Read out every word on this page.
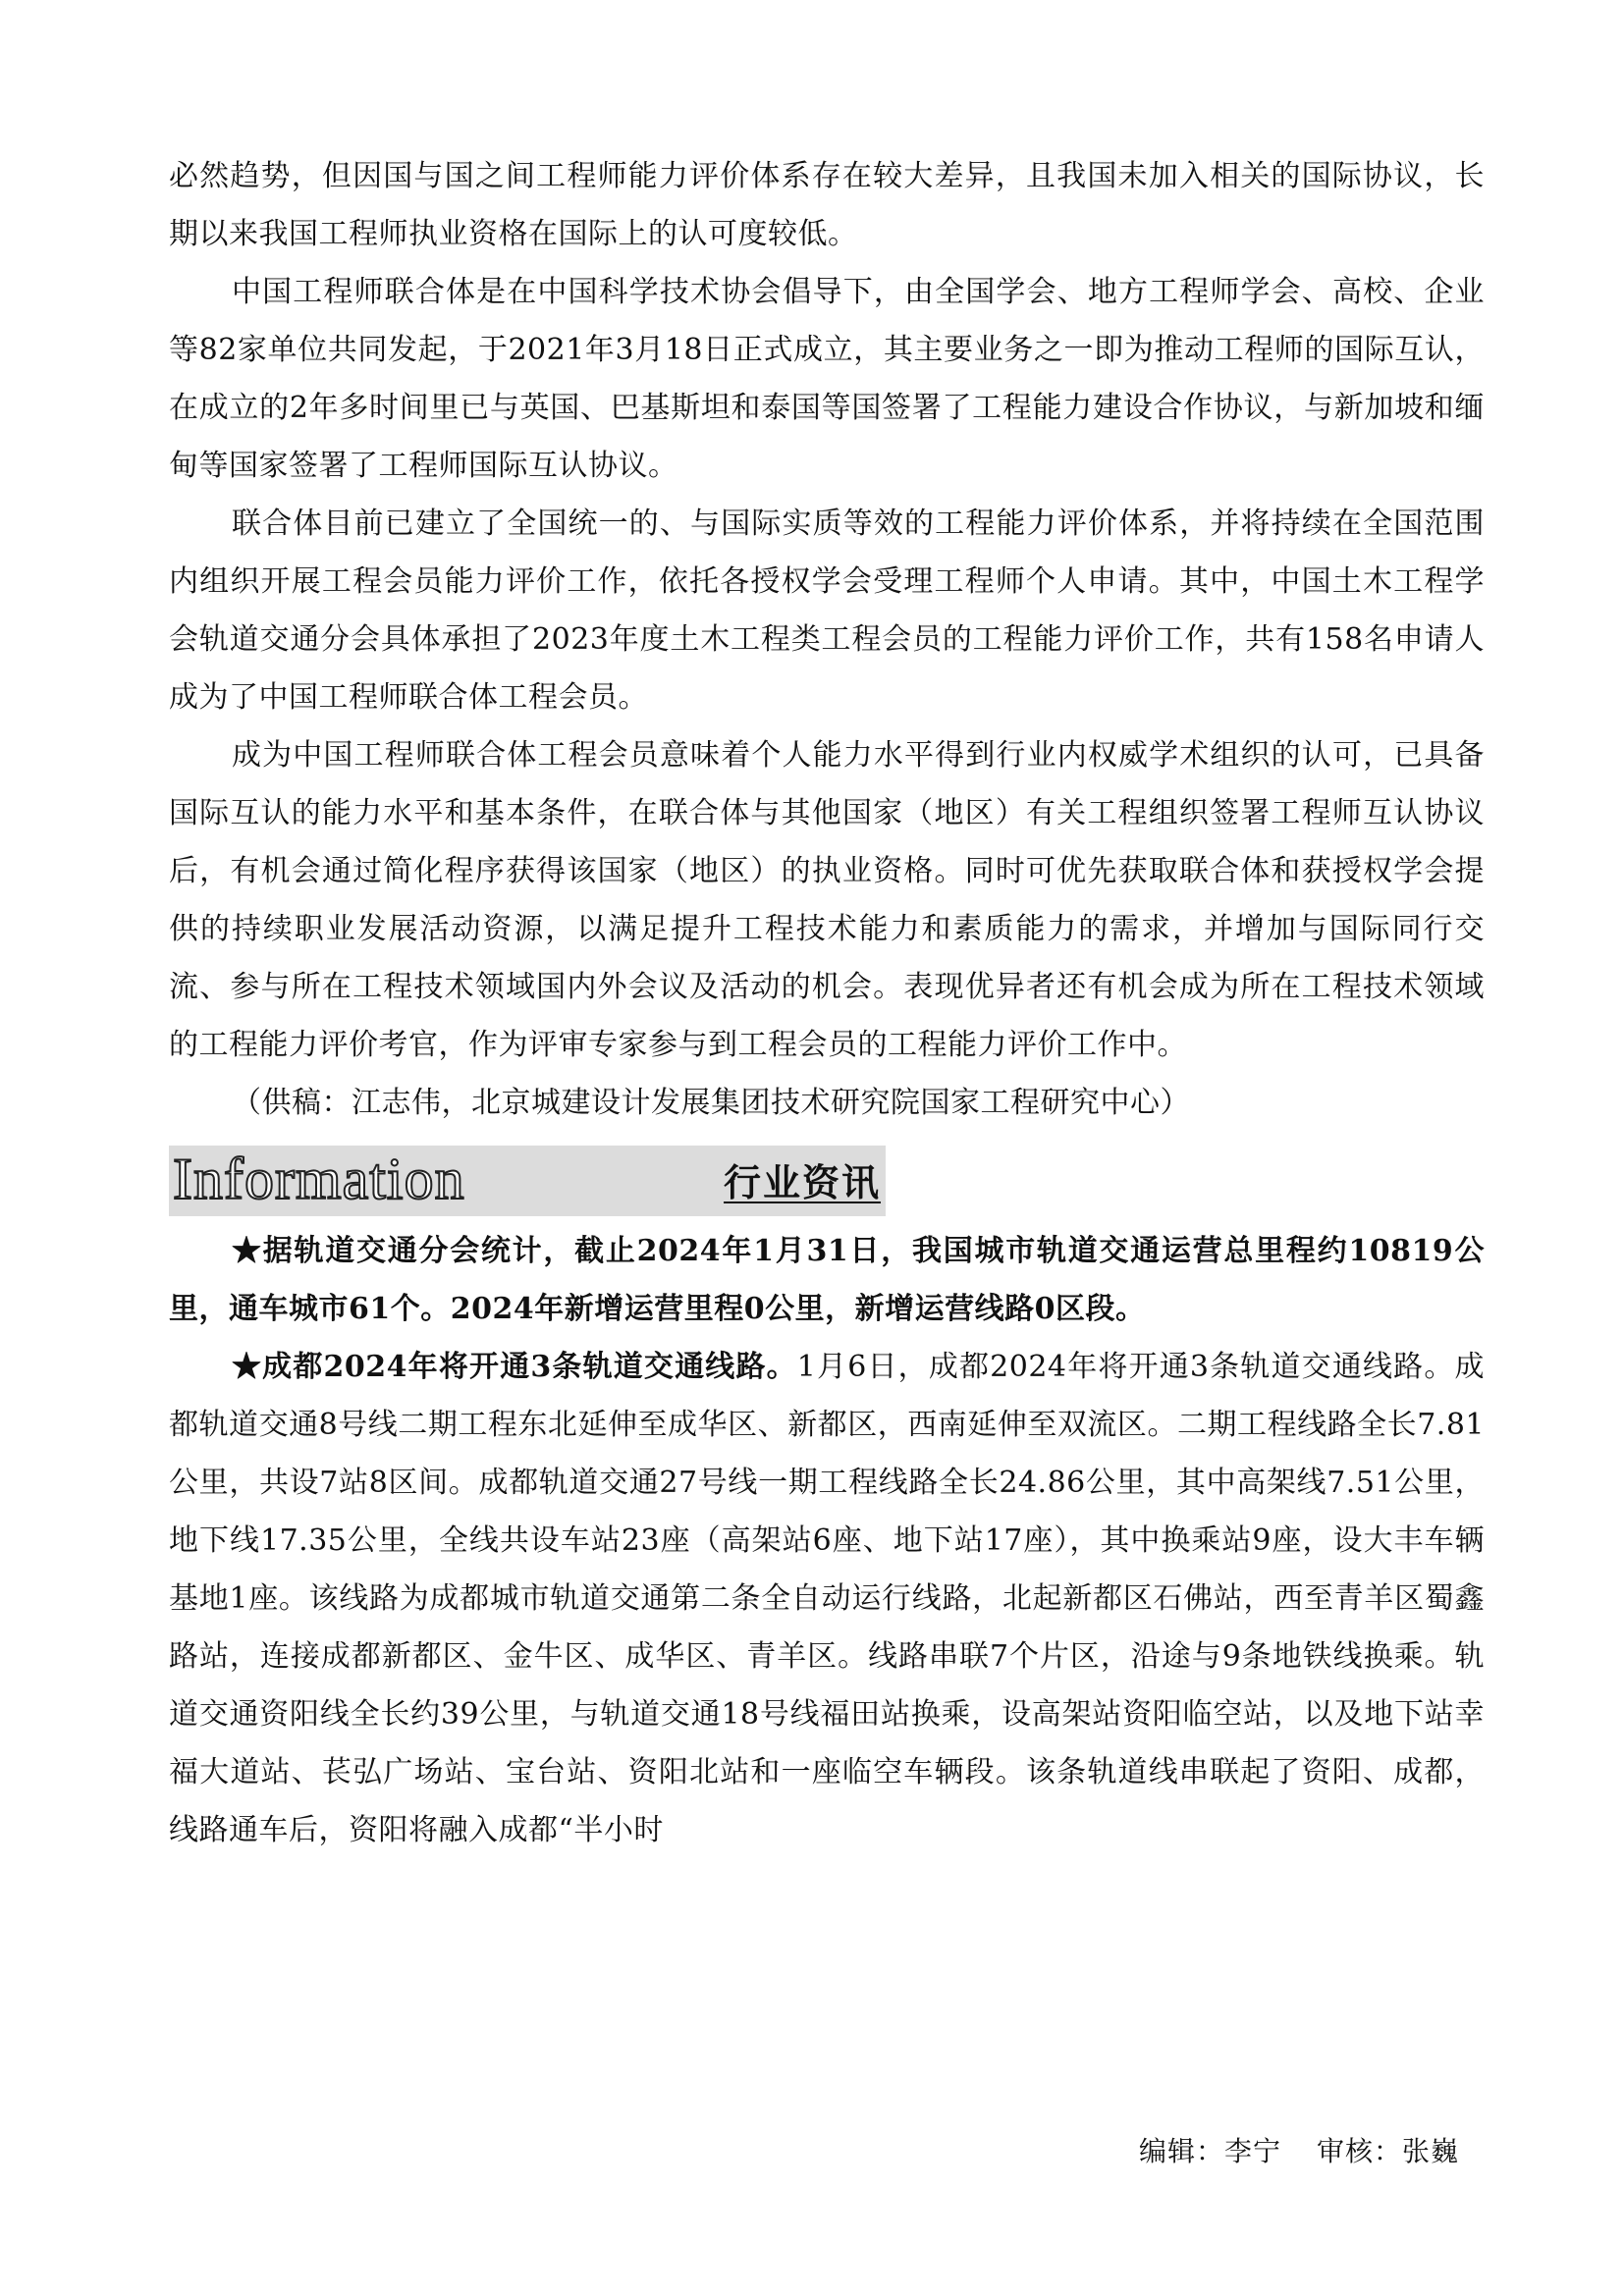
必然趋势，但因国与国之间工程师能力评价体系存在较大差异，且我国未加入相关的国际协议，长期以来我国工程师执业资格在国际上的认可度较低。

中国工程师联合体是在中国科学技术协会倡导下，由全国学会、地方工程师学会、高校、企业等82家单位共同发起，于2021年3月18日正式成立，其主要业务之一即为推动工程师的国际互认，在成立的2年多时间里已与英国、巴基斯坦和泰国等国签署了工程能力建设合作协议，与新加坡和缅甸等国家签署了工程师国际互认协议。

联合体目前已建立了全国统一的、与国际实质等效的工程能力评价体系，并将持续在全国范围内组织开展工程会员能力评价工作，依托各授权学会受理工程师个人申请。其中，中国土木工程学会轨道交通分会具体承担了2023年度土木工程类工程会员的工程能力评价工作，共有158名申请人成为了中国工程师联合体工程会员。

成为中国工程师联合体工程会员意味着个人能力水平得到行业内权威学术组织的认可，已具备国际互认的能力水平和基本条件，在联合体与其他国家（地区）有关工程组织签署工程师互认协议后，有机会通过简化程序获得该国家（地区）的执业资格。同时可优先获取联合体和获授权学会提供的持续职业发展活动资源，以满足提升工程技术能力和素质能力的需求，并增加与国际同行交流、参与所在工程技术领域国内外会议及活动的机会。表现优异者还有机会成为所在工程技术领域的工程能力评价考官，作为评审专家参与到工程会员的工程能力评价工作中。

（供稿：江志伟，北京城建设计发展集团技术研究院国家工程研究中心）

Information	行业资讯

★据轨道交通分会统计，截止2024年1月31日，我国城市轨道交通运营总里程约10819公里，通车城市61个。2024年新增运营里程0公里，新增运营线路0区段。

★成都2024年将开通3条轨道交通线路。1月6日，成都2024年将开通3条轨道交通线路。成都轨道交通8号线二期工程东北延伸至成华区、新都区，西南延伸至双流区。二期工程线路全长7.81公里，共设7站8区间。成都轨道交通27号线一期工程线路全长24.86公里，其中高架线7.51公里，地下线17.35公里，全线共设车站23座（高架站6座、地下站17座），其中换乘站9座，设大丰车辆基地1座。该线路为成都城市轨道交通第二条全自动运行线路，北起新都区石佛站，西至青羊区蜀鑫路站，连接成都新都区、金牛区、成华区、青羊区。线路串联7个片区，沿途与9条地铁线换乘。轨道交通资阳线全长约39公里，与轨道交通18号线福田站换乘，设高架站资阳临空站，以及地下站幸福大道站、苌弘广场站、宝台站、资阳北站和一座临空车辆段。该条轨道线串联起了资阳、成都，线路通车后，资阳将融入成都“半小时

编辑：李宁 审核：张巍
